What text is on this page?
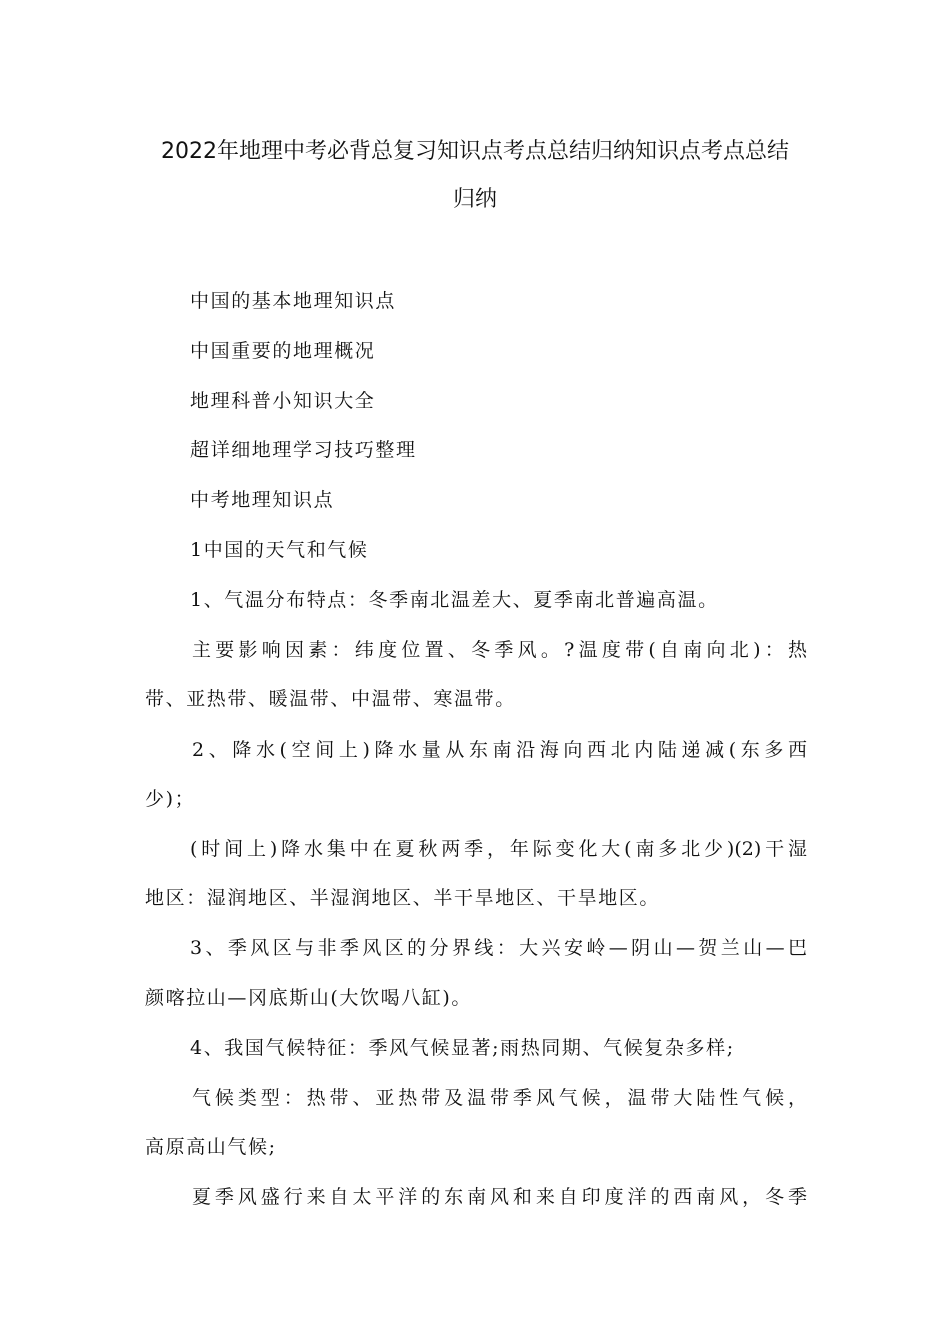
2022年地理中考必背总复习知识点考点总结归纳知识点考点总结
归纳
中国的基本地理知识点
中国重要的地理概况
地理科普小知识大全
超详细地理学习技巧整理
中考地理知识点
1中国的天气和气候
1、气温分布特点：冬季南北温差大、夏季南北普遍高温。
主要影响因素：纬度位置、冬季风。?温度带(自南向北)：热
带、亚热带、暖温带、中温带、寒温带。
2、降水(空间上)降水量从东南沿海向西北内陆递减(东多西
少)；
(时间上)降水集中在夏秋两季，年际变化大(南多北少)(2)干湿
地区：湿润地区、半湿润地区、半干旱地区、干旱地区。
3、季风区与非季风区的分界线：大兴安岭—阴山—贺兰山—巴
颜喀拉山—冈底斯山(大饮喝八缸)。
4、我国气候特征：季风气候显著;雨热同期、气候复杂多样;
气候类型：热带、亚热带及温带季风气候，温带大陆性气候，
高原高山气候;
夏季风盛行来自太平洋的东南风和来自印度洋的西南风，冬季
